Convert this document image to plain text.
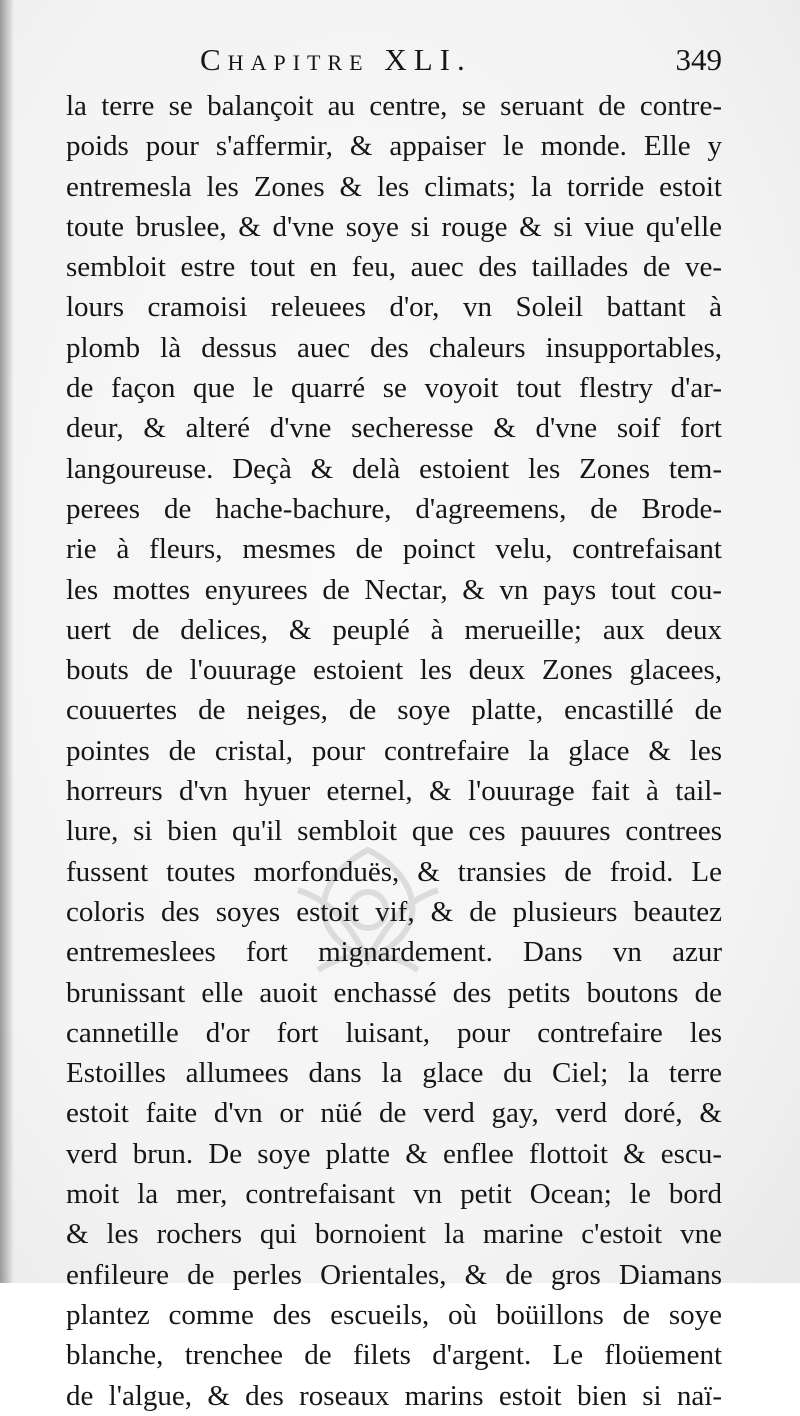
Chapitre XLI.	349
la terre se balançoit au centre, se seruant de contre-
poids pour s'affermir, & appaiser le monde. Elle y
entremesla les Zones & les climats; la torride estoit
toute bruslee, & d'vne soye si rouge & si viue qu'elle
sembloit estre tout en feu, auec des taillades de ve-
lours cramoisi releuees d'or, vn Soleil battant à
plomb là dessus auec des chaleurs insupportables,
de façon que le quarré se voyoit tout flestry d'ar-
deur, & alteré d'vne secheresse & d'vne soif fort
langoureuse. Deçà & delà estoient les Zones tem-
perees de hache-bachure, d'agreemens, de Brode-
rie à fleurs, mesmes de poinct velu, contrefaisant
les mottes enyurees de Nectar, & vn pays tout cou-
uert de delices, & peuplé à merueille; aux deux
bouts de l'ouurage estoient les deux Zones glacees,
couuertes de neiges, de soye platte, encastillé de
pointes de cristal, pour contrefaire la glace & les
horreurs d'vn hyuer eternel, & l'ouurage fait à tail-
lure, si bien qu'il sembloit que ces pauures contrees
fussent toutes morfonduës, & transies de froid. Le
coloris des soyes estoit vif, & de plusieurs beautez
entremeslees fort mignardement. Dans vn azur
brunissant elle auoit enchassé des petits boutons de
cannetille d'or fort luisant, pour contrefaire les
Estoilles allumees dans la glace du Ciel; la terre
estoit faite d'vn or nüé de verd gay, verd doré, &
verd brun. De soye platte & enflee flottoit & escu-
moit la mer, contrefaisant vn petit Ocean; le bord
& les rochers qui bornoient la marine c'estoit vne
enfileure de perles Orientales, & de gros Diamans
plantez comme des escueils, où boüillons de soye
blanche, trenchee de filets d'argent. Le floüement
de l'algue, & des roseaux marins estoit bien si naï-
